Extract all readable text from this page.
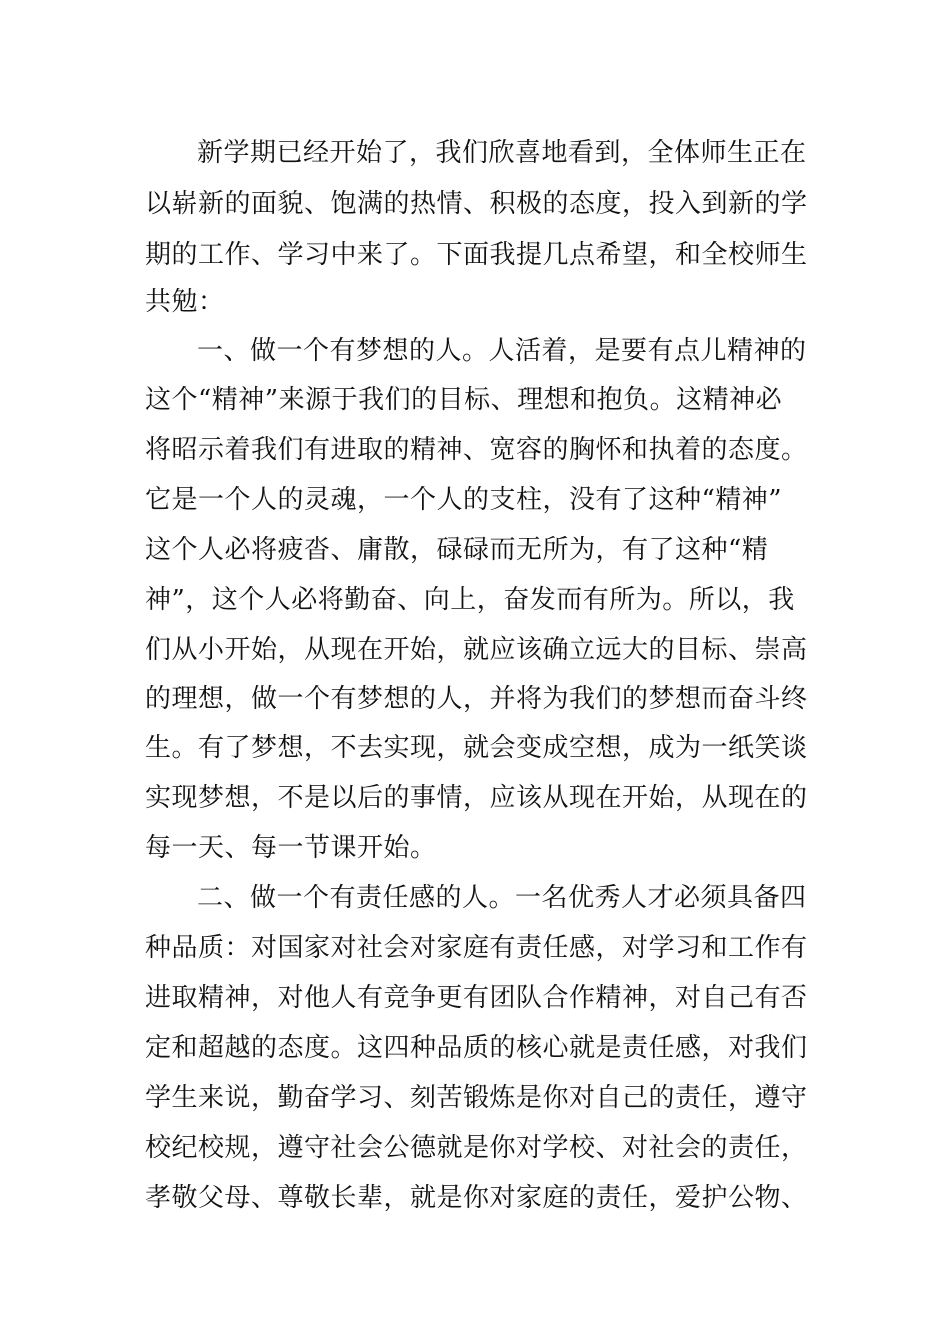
新学期已经开始了，我们欣喜地看到，全体师生正在
以崭新的面貌、饱满的热情、积极的态度，投入到新的学
期的工作、学习中来了。下面我提几点希望，和全校师生
共勉：
一、做一个有梦想的人。人活着，是要有点儿精神的
这个“精神”来源于我们的目标、理想和抱负。这精神必
将昭示着我们有进取的精神、宽容的胸怀和执着的态度。
它是一个人的灵魂，一个人的支柱，没有了这种“精神”
这个人必将疲沓、庸散，碌碌而无所为，有了这种“精
神”，这个人必将勤奋、向上，奋发而有所为。所以，我
们从小开始，从现在开始，就应该确立远大的目标、崇高
的理想，做一个有梦想的人，并将为我们的梦想而奋斗终
生。有了梦想，不去实现，就会变成空想，成为一纸笑谈
实现梦想，不是以后的事情，应该从现在开始，从现在的
每一天、每一节课开始。
二、做一个有责任感的人。一名优秀人才必须具备四
种品质：对国家对社会对家庭有责任感，对学习和工作有
进取精神，对他人有竞争更有团队合作精神，对自己有否
定和超越的态度。这四种品质的核心就是责任感，对我们
学生来说，勤奋学习、刻苦锻炼是你对自己的责任，遵守
校纪校规，遵守社会公德就是你对学校、对社会的责任，
孝敬父母、尊敬长辈，就是你对家庭的责任，爱护公物、
